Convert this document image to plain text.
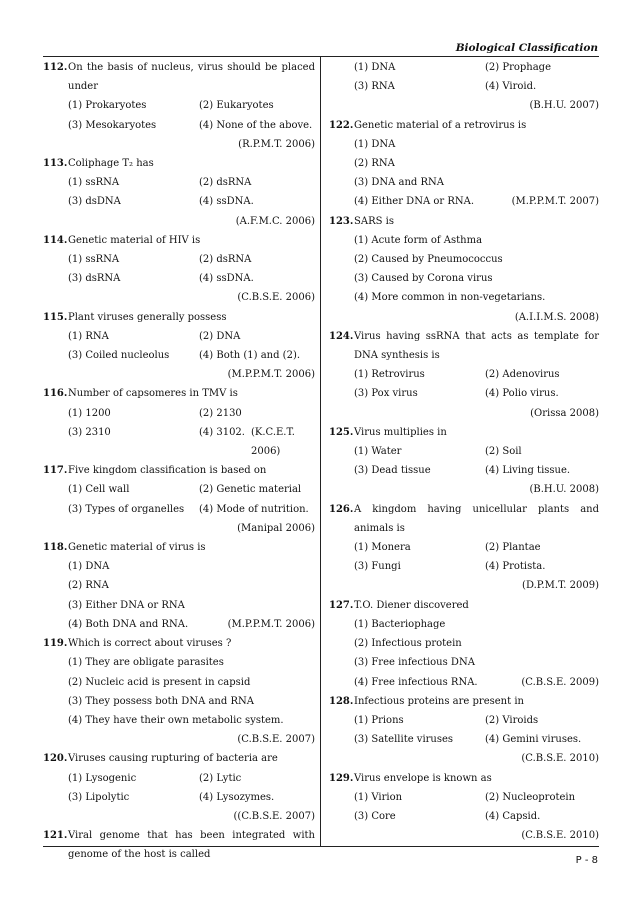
Biological Classification
112. On the basis of nucleus, virus should be placed under
(1) Prokaryotes	(2) Eukaryotes
(3) Mesokaryotes	(4) None of the above.
(R.P.M.T. 2006)
113. Coliphage T₂ has
(1) ssRNA	(2) dsRNA
(3) dsDNA	(4) ssDNA.
(A.F.M.C. 2006)
114. Genetic material of HIV is
(1) ssRNA	(2) dsRNA
(3) dsRNA	(4) ssDNA.
(C.B.S.E. 2006)
115. Plant viruses generally possess
(1) RNA	(2) DNA
(3) Coiled nucleolus	(4) Both (1) and (2).
(M.P.P.M.T. 2006)
116. Number of capsomeres in TMV is
(1) 1200	(2) 2130
(3) 2310	(4) 3102. (K.C.E.T. 2006)
117. Five kingdom classification is based on
(1) Cell wall	(2) Genetic material
(3) Types of organelles	(4) Mode of nutrition.
(Manipal 2006)
118. Genetic material of virus is
(1) DNA
(2) RNA
(3) Either DNA or RNA
(4) Both DNA and RNA.	(M.P.P.M.T. 2006)
119. Which is correct about viruses ?
(1) They are obligate parasites
(2) Nucleic acid is present in capsid
(3) They possess both DNA and RNA
(4) They have their own metabolic system.
(C.B.S.E. 2007)
120. Viruses causing rupturing of bacteria are
(1) Lysogenic	(2) Lytic
(3) Lipolytic	(4) Lysozymes.
((C.B.S.E. 2007)
121. Viral genome that has been integrated with genome of the host is called
(1) DNA	(2) Prophage
(3) RNA	(4) Viroid.
(B.H.U. 2007)
122. Genetic material of a retrovirus is
(1) DNA
(2) RNA
(3) DNA and RNA
(4) Either DNA or RNA.	(M.P.P.M.T. 2007)
123. SARS is
(1) Acute form of Asthma
(2) Caused by Pneumococcus
(3) Caused by Corona virus
(4) More common in non-vegetarians.
(A.I.I.M.S. 2008)
124. Virus having ssRNA that acts as template for DNA synthesis is
(1) Retrovirus	(2) Adenovirus
(3) Pox virus	(4) Polio virus.
(Orissa 2008)
125. Virus multiplies in
(1) Water	(2) Soil
(3) Dead tissue	(4) Living tissue.
(B.H.U. 2008)
126. A kingdom having unicellular plants and animals is
(1) Monera	(2) Plantae
(3) Fungi	(4) Protista.
(D.P.M.T. 2009)
127. T.O. Diener discovered
(1) Bacteriophage
(2) Infectious protein
(3) Free infectious DNA
(4) Free infectious RNA.	(C.B.S.E. 2009)
128. Infectious proteins are present in
(1) Prions	(2) Viroids
(3) Satellite viruses	(4) Gemini viruses.
(C.B.S.E. 2010)
129. Virus envelope is known as
(1) Virion	(2) Nucleoprotein
(3) Core	(4) Capsid.
(C.B.S.E. 2010)
P - 8
